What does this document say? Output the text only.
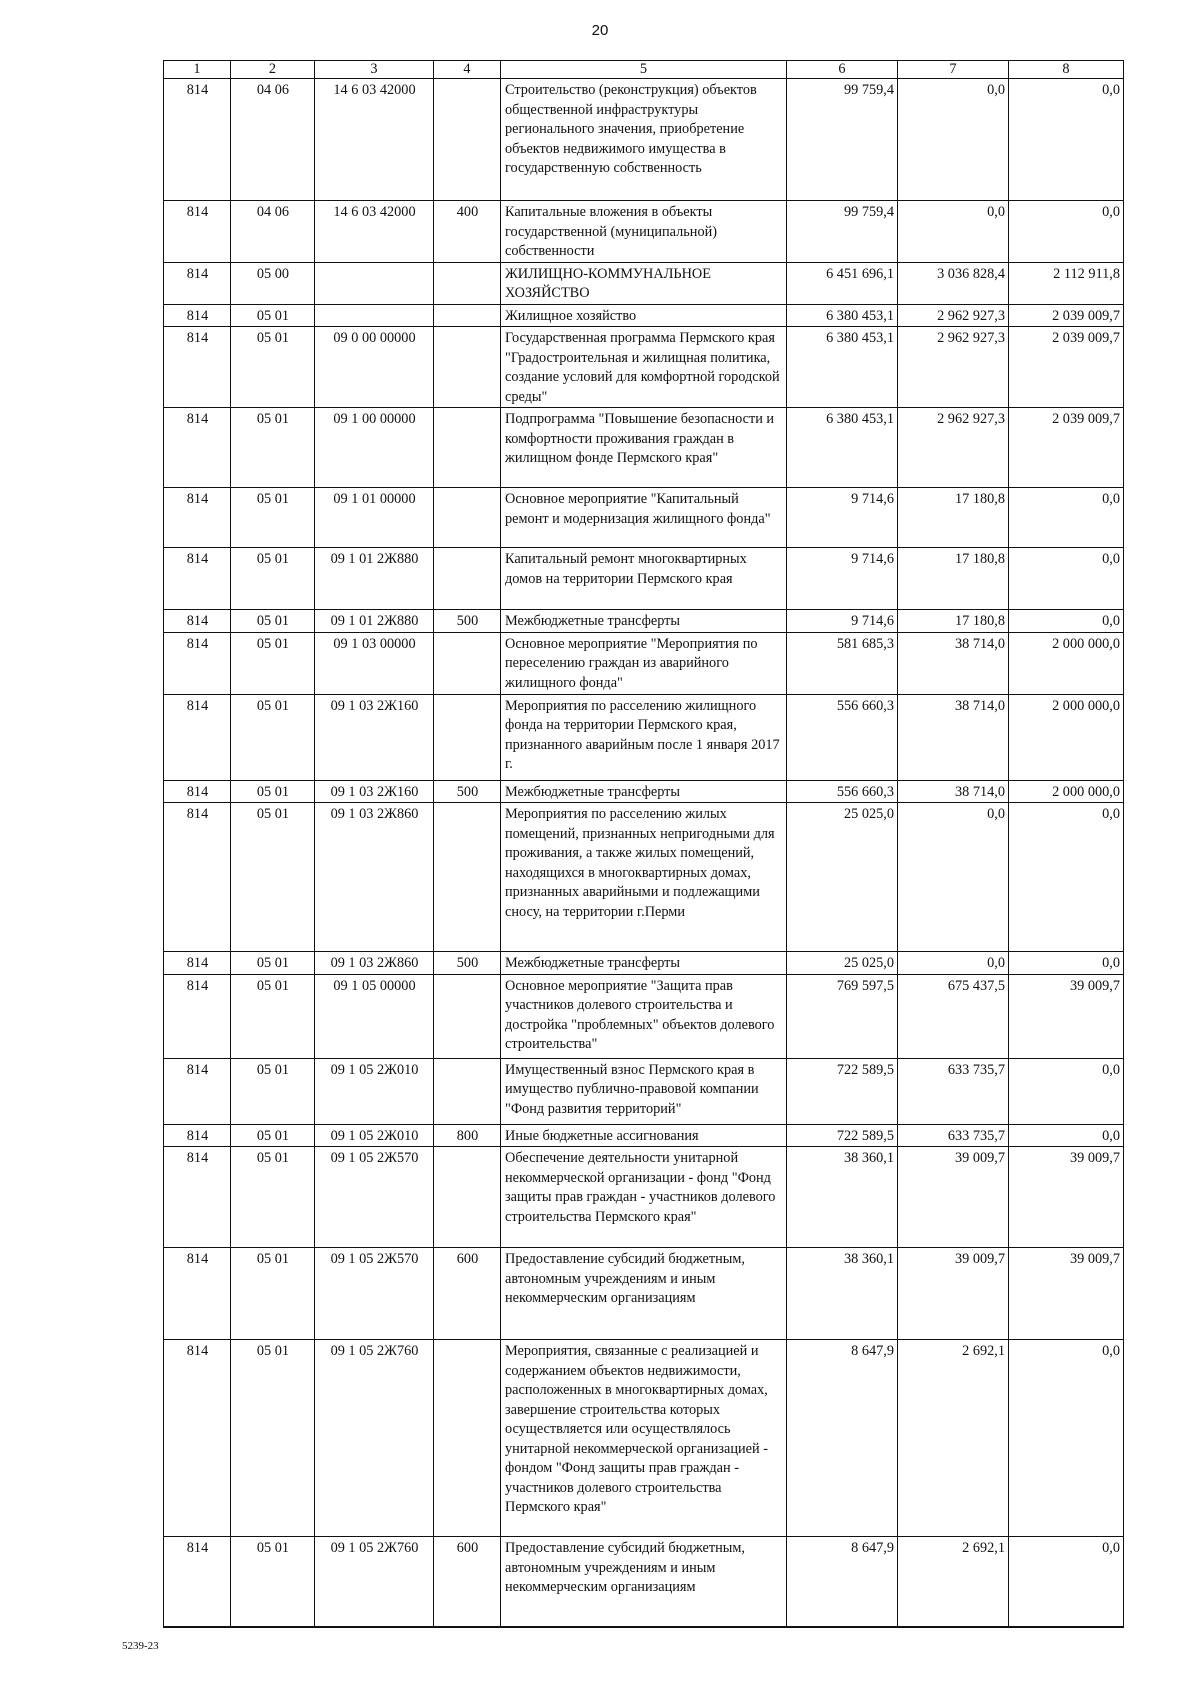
20
1	2	3	4	5	6	7	8
814	04 06	14 6 03 42000		Строительство (реконструкция) объектов общественной инфраструктуры регионального значения, приобретение объектов недвижимого имущества в государственную собственность	99 759,4	0,0	0,0
814	04 06	14 6 03 42000	400	Капитальные вложения в объекты государственной (муниципальной) собственности	99 759,4	0,0	0,0
814	05 00			ЖИЛИЩНО-КОММУНАЛЬНОЕ ХОЗЯЙСТВО	6 451 696,1	3 036 828,4	2 112 911,8
814	05 01			Жилищное хозяйство	6 380 453,1	2 962 927,3	2 039 009,7
814	05 01	09 0 00 00000		Государственная программа Пермского края "Градостроительная и жилищная политика, создание условий для комфортной городской среды"	6 380 453,1	2 962 927,3	2 039 009,7
814	05 01	09 1 00 00000		Подпрограмма "Повышение безопасности и комфортности проживания граждан в жилищном фонде Пермского края"	6 380 453,1	2 962 927,3	2 039 009,7
814	05 01	09 1 01 00000		Основное мероприятие "Капитальный ремонт и модернизация жилищного фонда"	9 714,6	17 180,8	0,0
814	05 01	09 1 01 2Ж880		Капитальный ремонт многоквартирных домов на территории Пермского края	9 714,6	17 180,8	0,0
814	05 01	09 1 01 2Ж880	500	Межбюджетные трансферты	9 714,6	17 180,8	0,0
814	05 01	09 1 03 00000		Основное мероприятие "Мероприятия по переселению граждан из аварийного жилищного фонда"	581 685,3	38 714,0	2 000 000,0
814	05 01	09 1 03 2Ж160		Мероприятия по расселению жилищного фонда на территории Пермского края, признанного аварийным после 1 января 2017 г.	556 660,3	38 714,0	2 000 000,0
814	05 01	09 1 03 2Ж160	500	Межбюджетные трансферты	556 660,3	38 714,0	2 000 000,0
814	05 01	09 1 03 2Ж860		Мероприятия по расселению жилых помещений, признанных непригодными для проживания, а также жилых помещений, находящихся в многоквартирных домах, признанных аварийными и подлежащими сносу, на территории г.Перми	25 025,0	0,0	0,0
814	05 01	09 1 03 2Ж860	500	Межбюджетные трансферты	25 025,0	0,0	0,0
814	05 01	09 1 05 00000		Основное мероприятие "Защита прав участников долевого строительства и достройка "проблемных" объектов долевого строительства"	769 597,5	675 437,5	39 009,7
814	05 01	09 1 05 2Ж010		Имущественный взнос Пермского края в имущество публично-правовой компании "Фонд развития территорий"	722 589,5	633 735,7	0,0
814	05 01	09 1 05 2Ж010	800	Иные бюджетные ассигнования	722 589,5	633 735,7	0,0
814	05 01	09 1 05 2Ж570		Обеспечение деятельности унитарной некоммерческой организации - фонд "Фонд защиты прав граждан - участников долевого строительства Пермского края"	38 360,1	39 009,7	39 009,7
814	05 01	09 1 05 2Ж570	600	Предоставление субсидий бюджетным, автономным учреждениям и иным некоммерческим организациям	38 360,1	39 009,7	39 009,7
814	05 01	09 1 05 2Ж760		Мероприятия, связанные с реализацией и содержанием объектов недвижимости, расположенных в многоквартирных домах, завершение строительства которых осуществляется или осуществлялось унитарной некоммерческой организацией - фондом "Фонд защиты прав граждан - участников долевого строительства Пермского края"	8 647,9	2 692,1	0,0
814	05 01	09 1 05 2Ж760	600	Предоставление субсидий бюджетным, автономным учреждениям и иным некоммерческим организациям	8 647,9	2 692,1	0,0
5239-23
